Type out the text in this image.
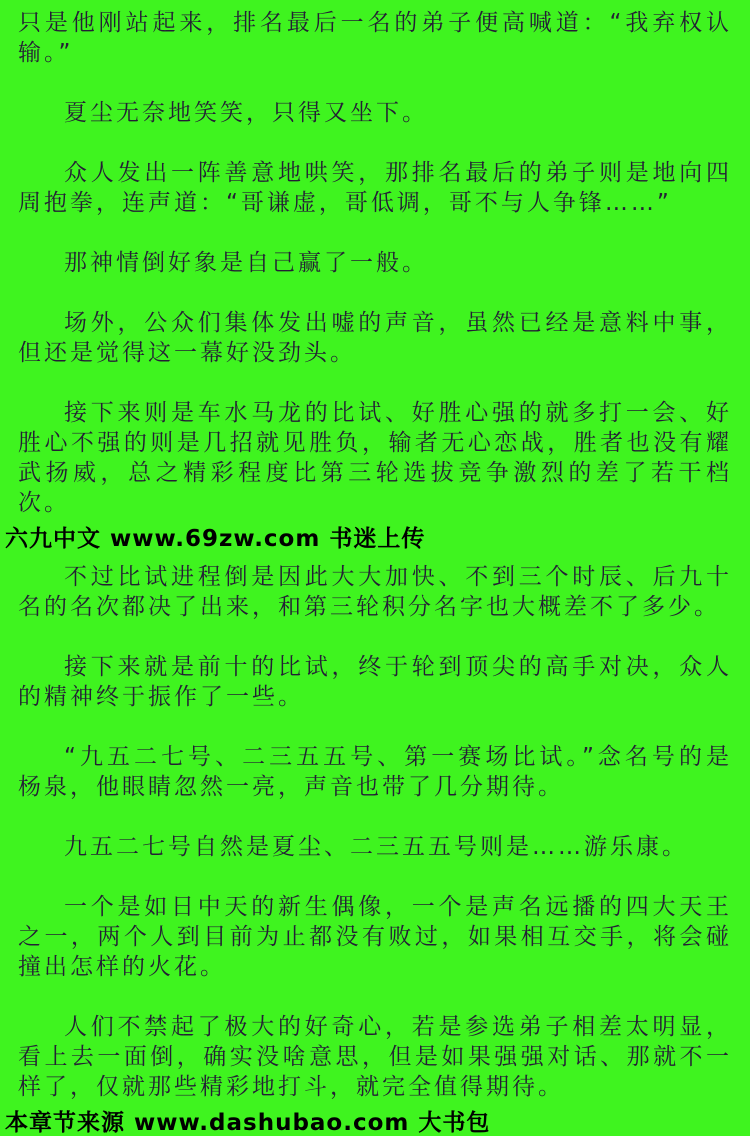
只是他刚站起来，排名最后一名的弟子便高喊道：“我弃权认输。”

夏尘无奈地笑笑，只得又坐下。

众人发出一阵善意地哄笑，那排名最后的弟子则是地向四周抱拳，连声道：“哥谦虚，哥低调，哥不与人争锋……”

那神情倒好象是自己赢了一般。

场外，公众们集体发出嘘的声音，虽然已经是意料中事，但还是觉得这一幕好没劲头。

接下来则是车水马龙的比试、好胜心强的就多打一会、好胜心不强的则是几招就见胜负，输者无心恋战，胜者也没有耀武扬威，总之精彩程度比第三轮选拔竞争激烈的差了若干档次。

六九中文 www.69zw.com 书迷上传

不过比试进程倒是因此大大加快、不到三个时辰、后九十名的名次都决了出来，和第三轮积分名字也大概差不了多少。

接下来就是前十的比试，终于轮到顶尖的高手对决，众人的精神终于振作了一些。

“九五二七号、二三五五号、第一赛场比试。”念名号的是杨泉，他眼睛忽然一亮，声音也带了几分期待。

九五二七号自然是夏尘、二三五五号则是……游乐康。

一个是如日中天的新生偶像，一个是声名远播的四大天王之一，两个人到目前为止都没有败过，如果相互交手，将会碰撞出怎样的火花。

人们不禁起了极大的好奇心，若是参选弟子相差太明显，看上去一面倒，确实没啥意思，但是如果强强对话、那就不一样了，仅就那些精彩地打斗，就完全值得期待。

本章节来源 www.dashubao.com 大书包
